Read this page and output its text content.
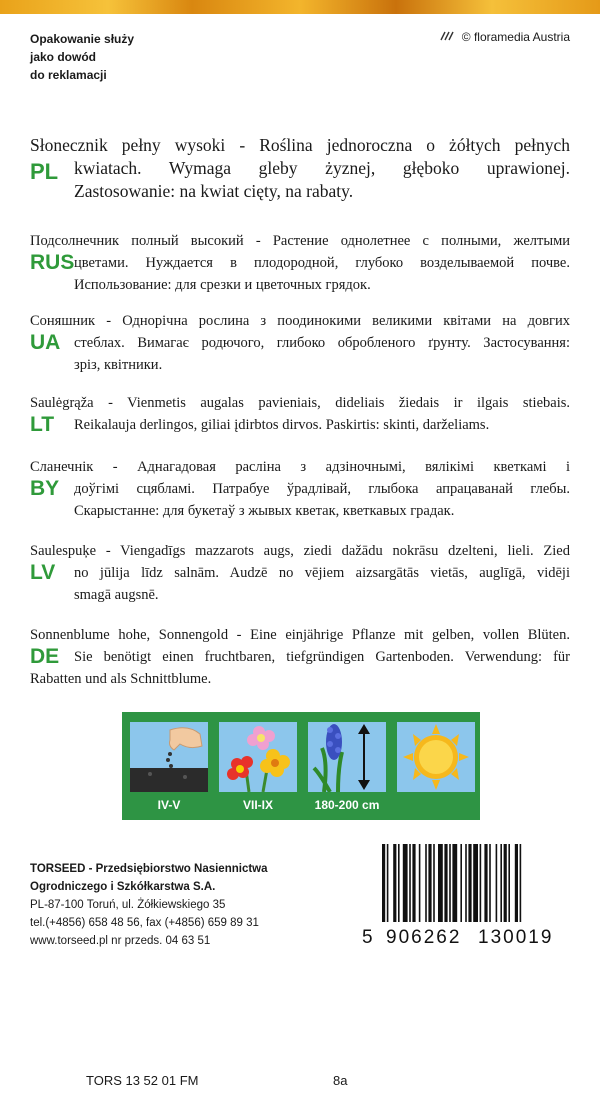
Opakowanie służy
jako dowód
do reklamacji
© floramedia Austria
PL

Słonecznik pełny wysoki - Roślina jednoroczna o żółtych pełnych
kwiatach. Wymaga gleby żyznej, głęboko uprawionej.
Zastosowanie: na kwiat cięty, na rabaty.

RUS

Подсолнечник полный высокий - Растение однолетнее с полными, желтыми
цветами. Нуждается в плодородной, глубоко возделываемой почве.
Использование: для срезки и цветочных грядок.

UA

Соняшник - Однорічна рослина з поодинокими великими квітами на довгих
стеблах. Вимагає родючого, глибоко обробленого ґрунту. Застосування:
зріз, квітники.

LT

Saulėgrąža - Vienmetis augalas pavieniais, dideliais žiedais ir ilgais stiebais.
Reikalauja derlingos, giliai įdirbtos dirvos. Paskirtis: skinti, darželiams.

BY

Сланечнік - Аднагадовая расліна з адзіночнымі, вялікімі кветкамі і
доўгімі сцябламі. Патрабуе ўрадлівай, глыбока апрацаванай глебы.
Скарыстанне: для букетаў з жывых кветак, кветкавых градак.

LV

Saulespuķe - Viengadīgs mazzarots augs, ziedi dažādu nokrāsu dzelteni, lieli. Zied
no jūlija līdz salnām. Audzē no vējiem aizsargātās vietās, auglīgā, vidēji
smagā augsnē.

DE

Sonnenblume hohe, Sonnengold - Eine einjährige Pflanze mit gelben, vollen Blüten.
Sie benötigt einen fruchtbaren, tiefgründigen Gartenboden. Verwendung: für
Rabatten und als Schnittblume.

IV-V	VII-IX	180-200 cm
TORSEED - Przedsiębiorstwo Nasiennictwa
Ogrodniczego i Szkółkarstwa S.A.
PL-87-100 Toruń, ul. Żółkiewskiego 35
tel.(+4856) 658 48 56, fax (+4856) 659 89 31
www.torseed.pl nr przeds. 04 63 51	5 906262 130019
TORS 13 52 01 FM	8a
